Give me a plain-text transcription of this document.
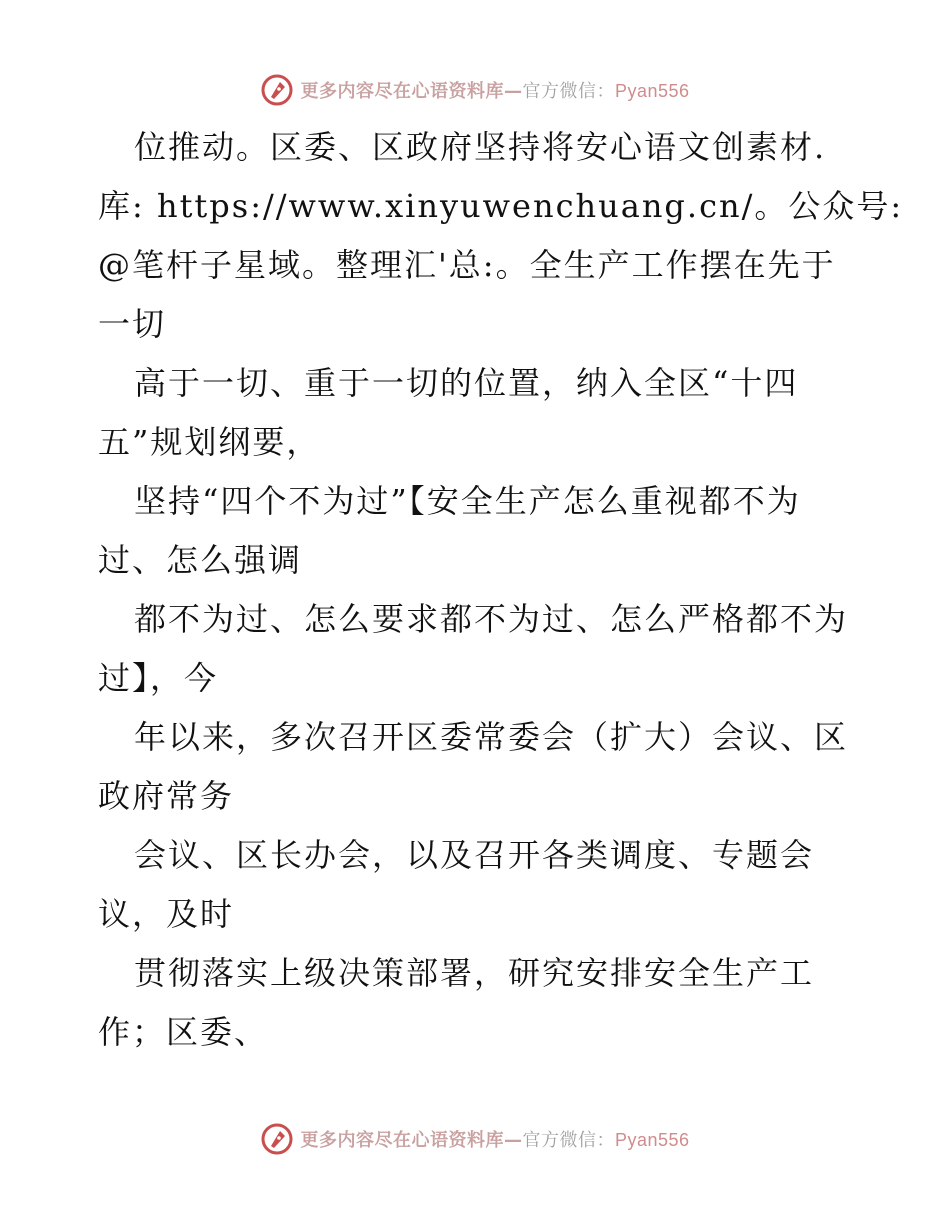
更多内容尽在心语资料库—官方微信：Pyan556
位推动。区委、区政府坚持将安心语文创素材.
库: https://www.xinyuwenchuang.cn/。公众号:
@笔杆子星域。整理汇'总:。全生产工作摆在先于
一切
高于一切、重于一切的位置，纳入全区“十四
五”规划纲要，
坚持“四个不为过”【安全生产怎么重视都不为
过、怎么强调
都不为过、怎么要求都不为过、怎么严格都不为
过】，今
年以来，多次召开区委常委会（扩大）会议、区
政府常务
会议、区长办会，以及召开各类调度、专题会
议，及时
贯彻落实上级决策部署，研究安排安全生产工
作；区委、
更多内容尽在心语资料库—官方微信：Pyan556
